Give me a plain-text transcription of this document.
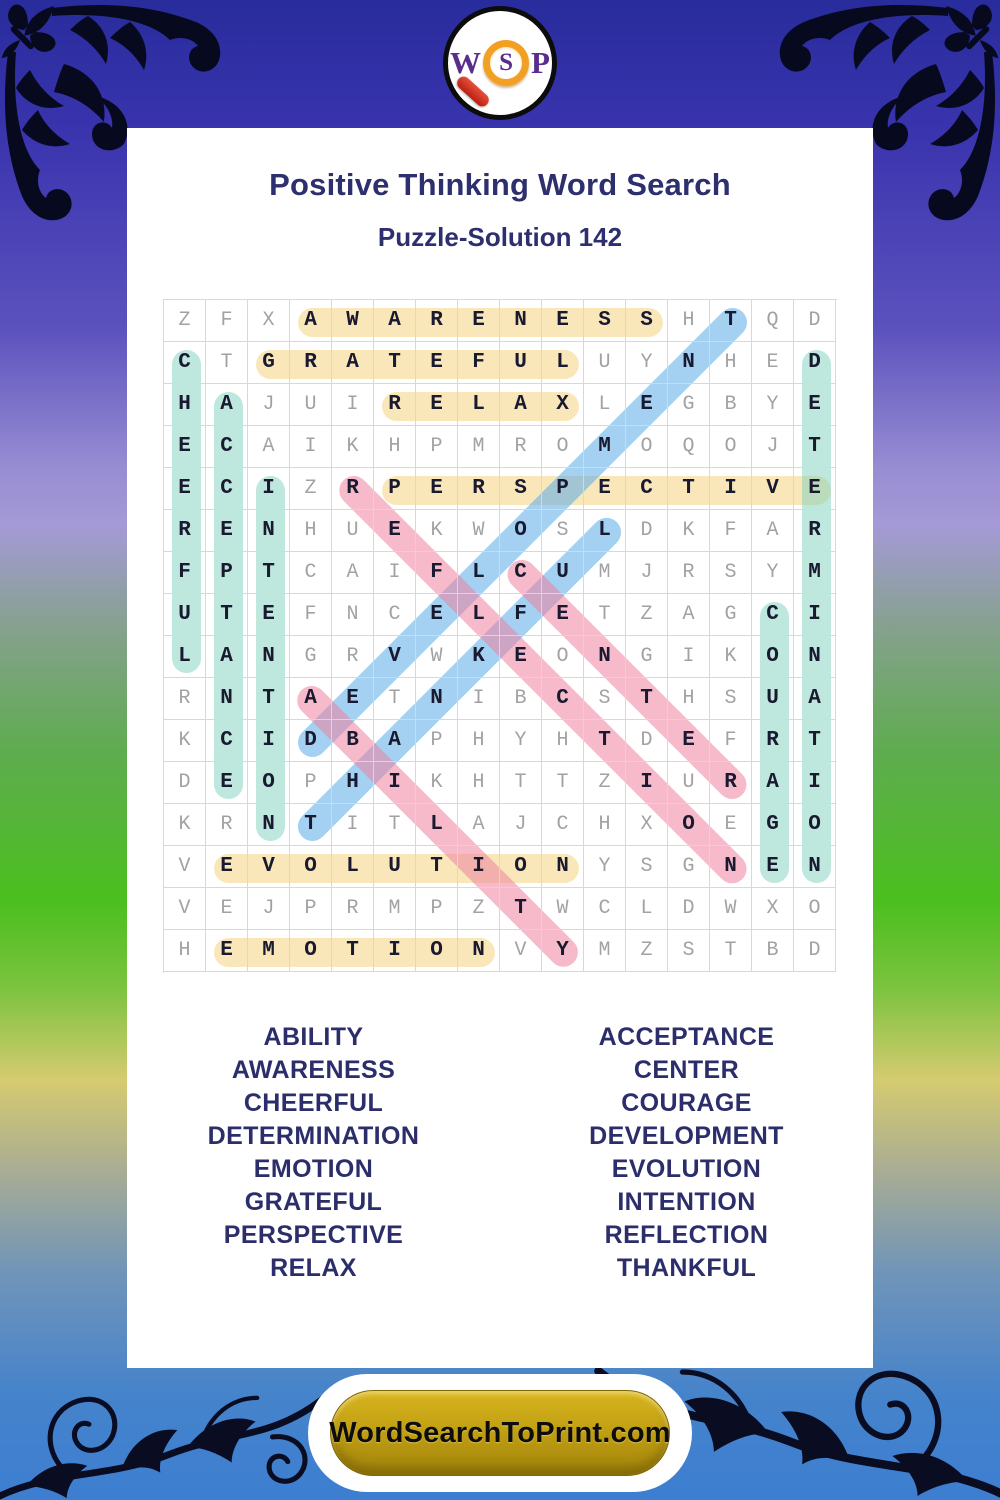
W S P
Positive Thinking Word Search
Puzzle-Solution 142
Z	F	X	A	W	A	R	E	N	E	S	S	H	T	Q	D
C	T	G	R	A	T	E	F	U	L	U	Y	N	H	E	D
H	A	J	U	I	R	E	L	A	X	L	E	G	B	Y	E
E	C	A	I	K	H	P	M	R	O	M	O	Q	O	J	T
E	C	I	Z	R	P	E	R	S	P	E	C	T	I	V	E
R	E	N	H	U	E	K	W	O	S	L	D	K	F	A	R
F	P	T	C	A	I	F	L	C	U	M	J	R	S	Y	M
U	T	E	F	N	C	E	L	F	E	T	Z	A	G	C	I
L	A	N	G	R	V	W	K	E	O	N	G	I	K	O	N
R	N	T	A	E	T	N	I	B	C	S	T	H	S	U	A
K	C	I	D	B	A	P	H	Y	H	T	D	E	F	R	T
D	E	O	P	H	I	K	H	T	T	Z	I	U	R	A	I
K	R	N	T	I	T	L	A	J	C	H	X	O	E	G	O
V	E	V	O	L	U	T	I	O	N	Y	S	G	N	E	N
V	E	J	P	R	M	P	Z	T	W	C	L	D	W	X	O
H	E	M	O	T	I	O	N	V	Y	M	Z	S	T	B	D
ABILITY
AWARENESS
CHEERFUL
DETERMINATION
EMOTION
GRATEFUL
PERSPECTIVE
RELAX
ACCEPTANCE
CENTER
COURAGE
DEVELOPMENT
EVOLUTION
INTENTION
REFLECTION
THANKFUL
WordSearchToPrint.com
